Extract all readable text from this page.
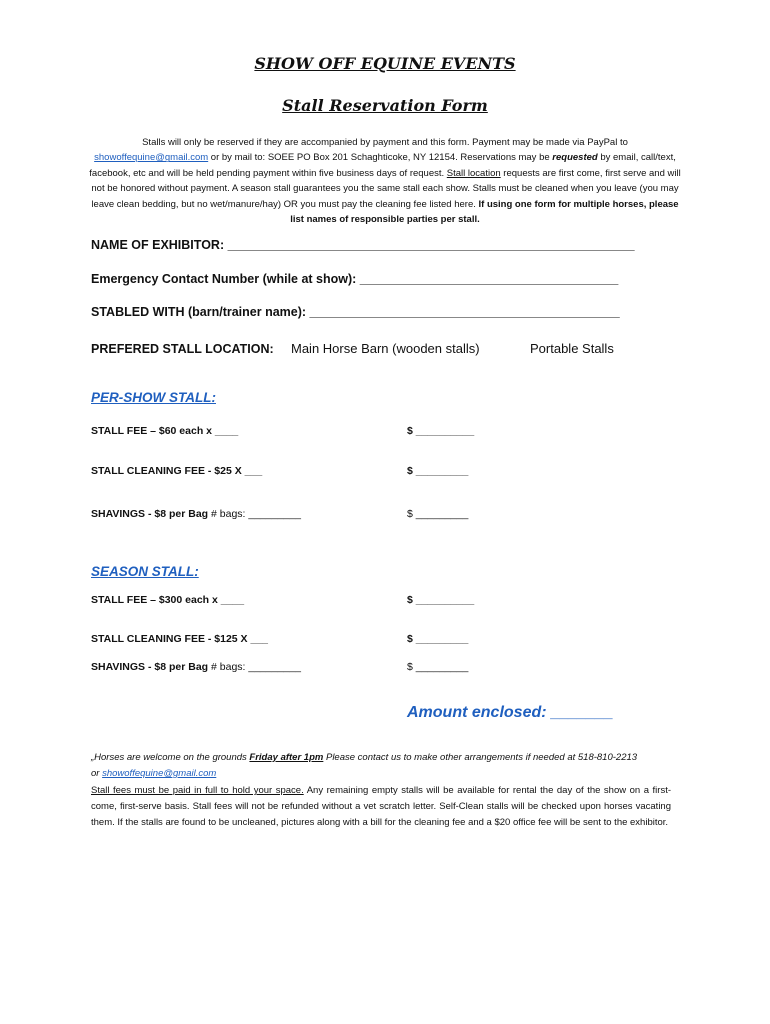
SHOW OFF EQUINE EVENTS
Stall Reservation Form
Stalls will only be reserved if they are accompanied by payment and this form. Payment may be made via PayPal to
showoffequine@gmail.com or by mail to: SOEE PO Box 201 Schaghticoke, NY 12154. Reservations may be requested by email, call/text, facebook, etc and will be held pending payment within five business days of request. Stall location requests are first come, first serve and will not be honored without payment. A season stall guarantees you the same stall each show. Stalls must be cleaned when you leave (you may leave clean bedding, but no wet/manure/hay) OR you must pay the cleaning fee listed here. If using one form for multiple horses, please list names of responsible parties per stall.
NAME OF EXHIBITOR: _______________________________________________________________
Emergency Contact Number (while at show): ________________________________________
STABLED WITH (barn/trainer name): ________________________________________________
PREFERED STALL LOCATION: Main Horse Barn (wooden stalls)	Portable Stalls
PER-SHOW STALL:
STALL FEE – $60 each x ____	$ __________
STALL CLEANING FEE - $25 X ___	$ _________
SHAVINGS - $8 per Bag # bags: _________	$ _________
SEASON STALL:
STALL FEE – $300 each x ____	$ __________
STALL CLEANING FEE - $125 X ___	$ _________
SHAVINGS - $8 per Bag # bags: _________	$ _________
Amount enclosed: _______
„Horses are welcome on the grounds Friday after 1pm Please contact us to make other arrangements if needed at 518-810-2213
or showoffequine@gmail.com
Stall fees must be paid in full to hold your space. Any remaining empty stalls will be available for rental the day of the show on a first-come, first-serve basis. Stall fees will not be refunded without a vet scratch letter. Self-Clean stalls will be checked upon horses vacating them. If the stalls are found to be uncleaned, pictures along with a bill for the cleaning fee and a $20 office fee will be sent to the exhibitor.
